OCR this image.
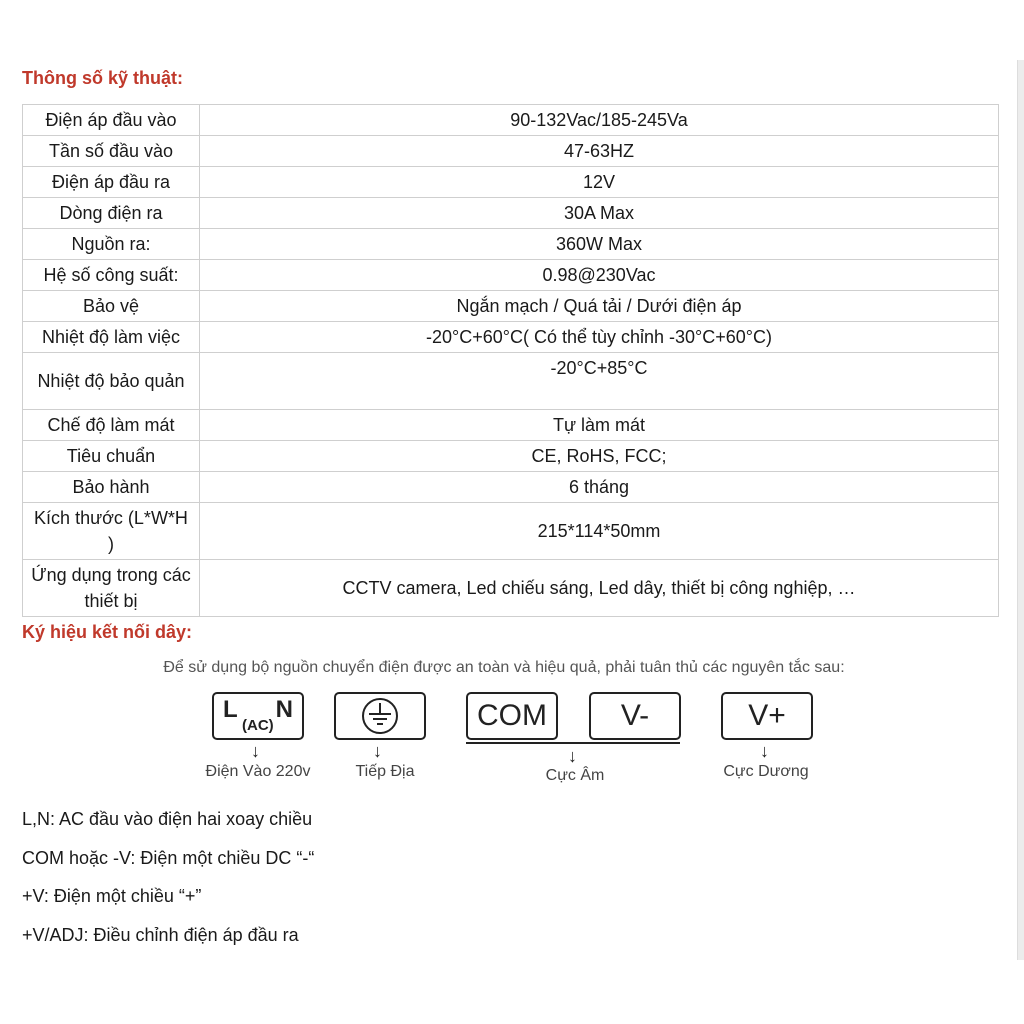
Thông số kỹ thuật:
Điện áp đầu vào	90-132Vac/185-245Va
Tần số đầu vào	47-63HZ
Điện áp đầu ra	12V
Dòng điện ra	30A Max
Nguồn ra:	360W Max
Hệ số công suất:	0.98@230Vac
Bảo vệ	Ngắn mạch / Quá tải / Dưới điện áp
Nhiệt độ làm việc	-20°C+60°C( Có thể tùy chỉnh -30°C+60°C)
Nhiệt độ bảo quản	-20°C+85°C
Chế độ làm mát	Tự làm mát
Tiêu chuẩn	CE, RoHS, FCC;
Bảo hành	6 tháng
Kích thước (L*W*H )	215*114*50mm
Ứng dụng trong các thiết bị	CCTV camera, Led chiếu sáng, Led dây, thiết bị công nghiệp, …
Ký hiệu kết nối dây:

Để sử dụng bộ nguồn chuyển điện được an toàn và hiệu quả, phải tuân thủ các nguyên tắc sau:

L
(AC)
N	COM V-	V+
↓	↓	↓	↓
Điện Vào 220v	Tiếp Địa	Cực Âm	Cực Dương

L,N: AC đầu vào điện hai xoay chiều

COM hoặc -V: Điện một chiều DC “-“

+V: Điện một chiều “+”

+V/ADJ: Điều chỉnh điện áp đầu ra
